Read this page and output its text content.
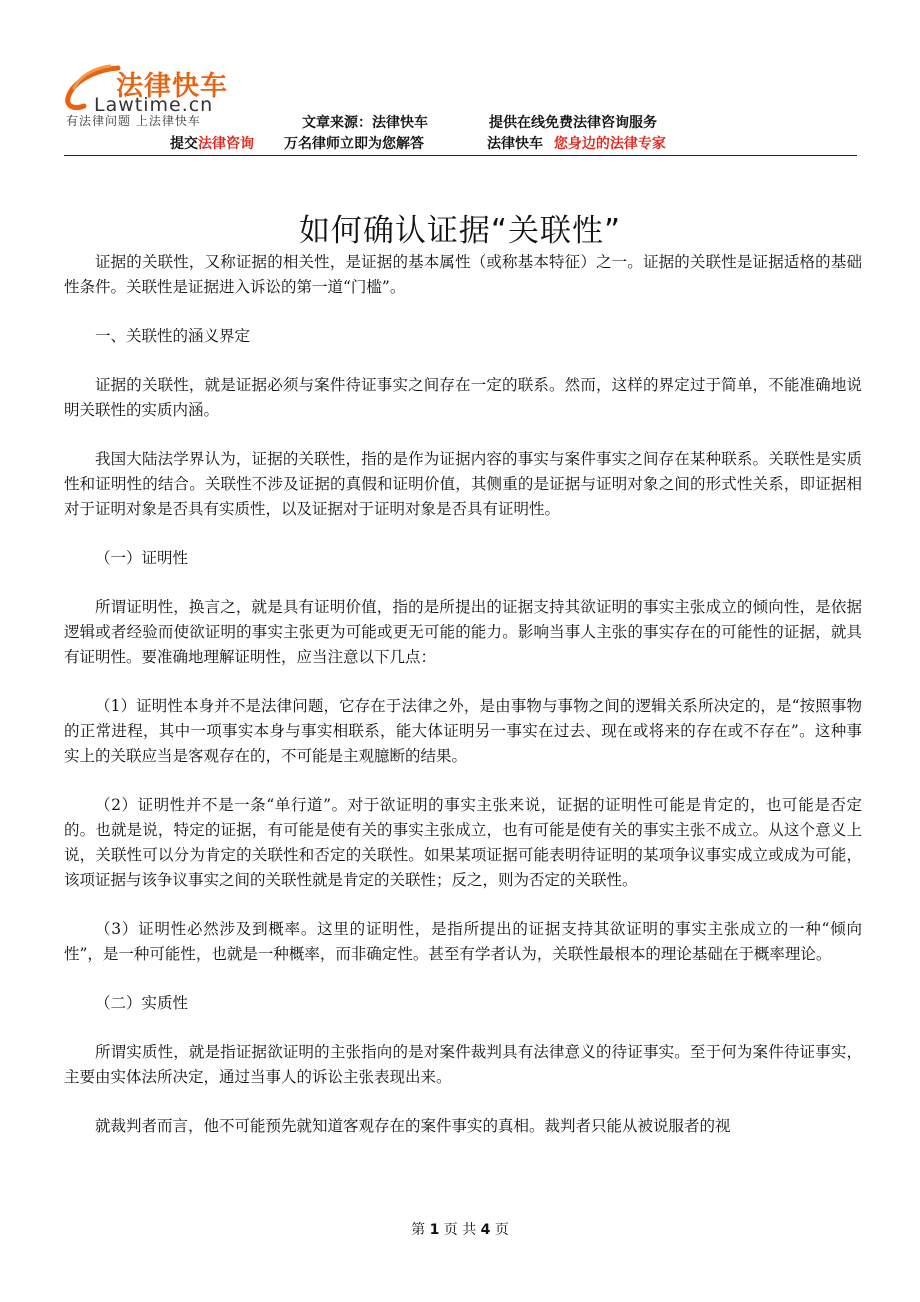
法律快车
Lawtime.cn
有法律问题 上法律快车	文章来源：法律快车	提供在线免费法律咨询服务
提交法律咨询 万名律师立即为您解答	法律快车 您身边的法律专家
如何确认证据“关联性”

证据的关联性，又称证据的相关性，是证据的基本属性（或称基本特征）之一。证据的关联性是证据适格的基础性条件。关联性是证据进入诉讼的第一道“门槛”。

一、关联性的涵义界定

证据的关联性，就是证据必须与案件待证事实之间存在一定的联系。然而，这样的界定过于简单，不能准确地说明关联性的实质内涵。

我国大陆法学界认为，证据的关联性，指的是作为证据内容的事实与案件事实之间存在某种联系。关联性是实质性和证明性的结合。关联性不涉及证据的真假和证明价值，其侧重的是证据与证明对象之间的形式性关系，即证据相对于证明对象是否具有实质性，以及证据对于证明对象是否具有证明性。

（一）证明性

所谓证明性，换言之，就是具有证明价值，指的是所提出的证据支持其欲证明的事实主张成立的倾向性，是依据逻辑或者经验而使欲证明的事实主张更为可能或更无可能的能力。影响当事人主张的事实存在的可能性的证据，就具有证明性。要准确地理解证明性，应当注意以下几点：

（1）证明性本身并不是法律问题，它存在于法律之外，是由事物与事物之间的逻辑关系所决定的，是“按照事物的正常进程，其中一项事实本身与事实相联系，能大体证明另一事实在过去、现在或将来的存在或不存在”。这种事实上的关联应当是客观存在的，不可能是主观臆断的结果。

（2）证明性并不是一条“单行道”。对于欲证明的事实主张来说，证据的证明性可能是肯定的，也可能是否定的。也就是说，特定的证据，有可能是使有关的事实主张成立，也有可能是使有关的事实主张不成立。从这个意义上说，关联性可以分为肯定的关联性和否定的关联性。如果某项证据可能表明待证明的某项争议事实成立或成为可能，该项证据与该争议事实之间的关联性就是肯定的关联性；反之，则为否定的关联性。

（3）证明性必然涉及到概率。这里的证明性，是指所提出的证据支持其欲证明的事实主张成立的一种“倾向性”，是一种可能性，也就是一种概率，而非确定性。甚至有学者认为，关联性最根本的理论基础在于概率理论。

（二）实质性

所谓实质性，就是指证据欲证明的主张指向的是对案件裁判具有法律意义的待证事实。至于何为案件待证事实，主要由实体法所决定，通过当事人的诉讼主张表现出来。

就裁判者而言，他不可能预先就知道客观存在的案件事实的真相。裁判者只能从被说服者的视

第 1 页 共 4 页
